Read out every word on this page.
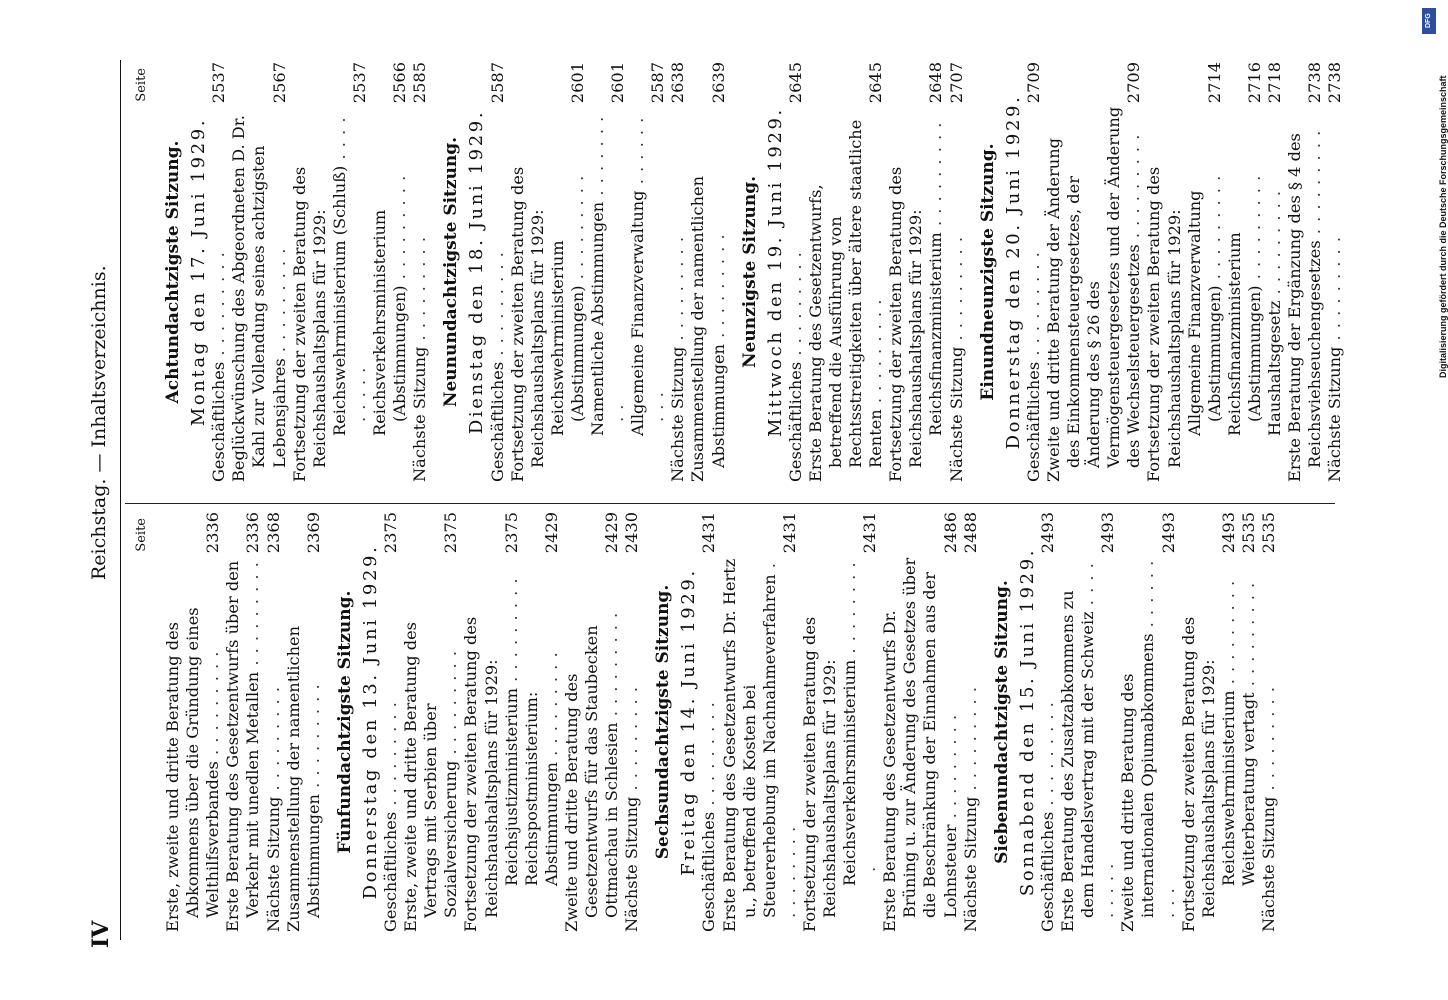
IV
Reichstag. — Inhaltsverzeichnis. Seite
Erste, zweite und dritte Beratung des Abkommens über die Gründung eines Welthilfsverbandes . . .
2336
Erste Beratung des Gesetzentwurfs über den Verkehr mit unedlen Metallen . . .
2336
Nächste Sitzung . . .
2368
Zusammenstellung der namentlichen Abstimmungen . . .
2369
Fünfundachtzigste Sitzung. Donnerstag den 13. Juni 1929. Geschäftliches . . .
2375
Erste, zweite und dritte Beratung des Vertrags mit Serbien über Sozialversicherung . . .
2375
Fortsetzung der zweiten Beratung des Reichshaushaltsplans für 1929: Reichsjustizministerium . . .
2375
Reichspostministerium: Abstimmungen . . .
2429
Zweite und dritte Beratung des Gesetzentwurfs für das Staubecken Ottmachau in Schlesien . . .
2429
Nächste Sitzung . . .
2430
Sechsundachtzigste Sitzung. Freitag den 14. Juni 1929. Geschäftliches . . .
2431
Erste Beratung des Gesetzentwurfs Dr. Hertz u., betreffend die Kosten bei Steuererhebung im Nachnahmeverfahren . . .
2431
Fortsetzung der zweiten Beratung des Reichshaushaltsplans für 1929: Reichsverkehrsministerium . . .
2431
Erste Beratung des Gesetzentwurfs Dr. Brüning u. zur Änderung des Gesetzes über die Beschränkung der Einnahmen aus der Lohnsteuer . . .
2486
Nächste Sitzung . . .
2488
Siebenundachtzigste Sitzung. Sonnabend den 15. Juni 1929. Geschäftliches . . .
2493
Erste Beratung des Zusatzabkommens zu dem Handelsvertrag mit der Schweiz . . .
2493
Zweite und dritte Beratung des internationalen Opiumabkommens . . .
2493
Fortsetzung der zweiten Beratung des Reichshaushaltsplans für 1929: Reichswehrministerium . . .
2493
Weiterberatung vertagt . . .
2535
Nächste Sitzung . . .
2535
Seite
Achtundachtzigste Sitzung. Montag den 17. Juni 1929. Geschäftliches . . .
2537
Beglückwünschung des Abgeordneten D. Dr. Kahl zur Vollendung seines achtzigsten Lebensjahres . . .
2567
Fortsetzung der zweiten Beratung des Reichshaushaltsplans für 1929: Reichswehrministerium (Schluß) . . .
2537
Reichsverkehrsministerium (Abstimmungen) . . .
2566
Nächste Sitzung . . .
2585
Neunundachtzigste Sitzung. Dienstag den 18. Juni 1929. Geschäftliches . . .
2587
Fortsetzung der zweiten Beratung des Reichshaushaltsplans für 1929: Reichswehrministerium (Abstimmungen) . . .
2601
Namentliche Abstimmungen . . .
2601
Allgemeine Finanzverwaltung . . .
2587
Nächste Sitzung . . .
2638
Zusammenstellung der namentlichen Abstimmungen . . .
2639
Neunzigste Sitzung. Mittwoch den 19. Juni 1929. Geschäftliches . . .
2645
Erste Beratung des Gesetzentwurfs, betreffend die Ausführung von Rechtsstreitigkeiten über ältere staatliche Renten . . .
2645
Fortsetzung der zweiten Beratung des Reichshaushaltsplans für 1929: Reichsfinanzministerium . . .
2648
Nächste Sitzung . . .
2707
Einundneunzigste Sitzung. Donnerstag den 20. Juni 1929. Geschäftliches . . .
2709
Zweite und dritte Beratung der Änderung des Einkommensteuergesetzes, der Änderung des § 26 des Vermögensteuergesetzes und der Änderung des Wechselsteuergesetzes . . .
2709
Fortsetzung der zweiten Beratung des Reichshaushaltsplans für 1929: Allgemeine Finanzverwaltung (Abstimmungen) . . .
2714
Reichsfinanzministerium (Abstimmungen) . . .
2716
Haushaltsgesetz . . .
2718
Erste Beratung der Ergänzung des § 4 des Reichsviehseuchengesetzes . . .
2738
Nächste Sitzung . . .
2738	Digitalisierung gefördert durch die Deutsche Forschungsgemeinschaft
DFG
